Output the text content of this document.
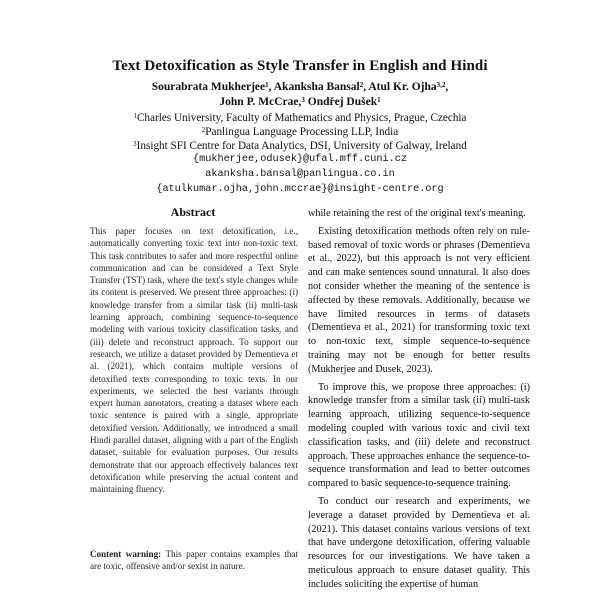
Text Detoxification as Style Transfer in English and Hindi
Sourabrata Mukherjee$^1$, Akanksha Bansal$^2$, Atul Kr. Ojha$^{3,2}$,
John P. McCrae,$^3$ Ondřej Dušek$^1$
$^1$Charles University, Faculty of Mathematics and Physics, Prague, Czechia
$^2$Panlingua Language Processing LLP, India
$^3$Insight SFI Centre for Data Analytics, DSI, University of Galway, Ireland
{mukherjee,odusek}@ufal.mff.cuni.cz
akanksha.bansal@panlingua.co.in
{atulkumar.ojha,john.mccrae}@insight-centre.org
Abstract
This paper focuses on text detoxification, i.e., automatically converting toxic text into non-toxic text. This task contributes to safer and more respectful online communication and can be considered a Text Style Transfer (TST) task, where the text's style changes while its content is preserved. We present three approaches: (i) knowledge transfer from a similar task (ii) multi-task learning approach, combining sequence-to-sequence modeling with various toxicity classification tasks, and (iii) delete and reconstruct approach. To support our research, we utilize a dataset provided by Dementieva et al. (2021), which contains multiple versions of detoxified texts corresponding to toxic texts. In our experiments, we selected the best variants through expert human annotators, creating a dataset where each toxic sentence is paired with a single, appropriate detoxified version. Additionally, we introduced a small Hindi parallel dataset, aligning with a part of the English dataset, suitable for evaluation purposes. Our results demonstrate that our approach effectively balances text detoxification while preserving the actual content and maintaining fluency.
Content warning: This paper contains examples that are toxic, offensive and/or sexist in nature.

while retaining the rest of the original text's meaning.

Existing detoxification methods often rely on rule-based removal of toxic words or phrases (Dementieva et al., 2022), but this approach is not very efficient and can make sentences sound unnatural. It also does not consider whether the meaning of the sentence is affected by these removals. Additionally, because we have limited resources in terms of datasets (Dementieva et al., 2021) for transforming toxic text to non-toxic text, simple sequence-to-sequence training may not be enough for better results (Mukherjee and Dusek, 2023).

To improve this, we propose three approaches: (i) knowledge transfer from a similar task (ii) multi-task learning approach, utilizing sequence-to-sequence modeling coupled with various toxic and civil text classification tasks, and (iii) delete and reconstruct approach. These approaches enhance the sequence-to-sequence transformation and lead to better outcomes compared to basic sequence-to-sequence training.

To conduct our research and experiments, we leverage a dataset provided by Dementieva et al. (2021). This dataset contains various versions of text that have undergone detoxification, offering valuable resources for our investigations. We have taken a meticulous approach to ensure dataset quality. This includes soliciting the expertise of human
